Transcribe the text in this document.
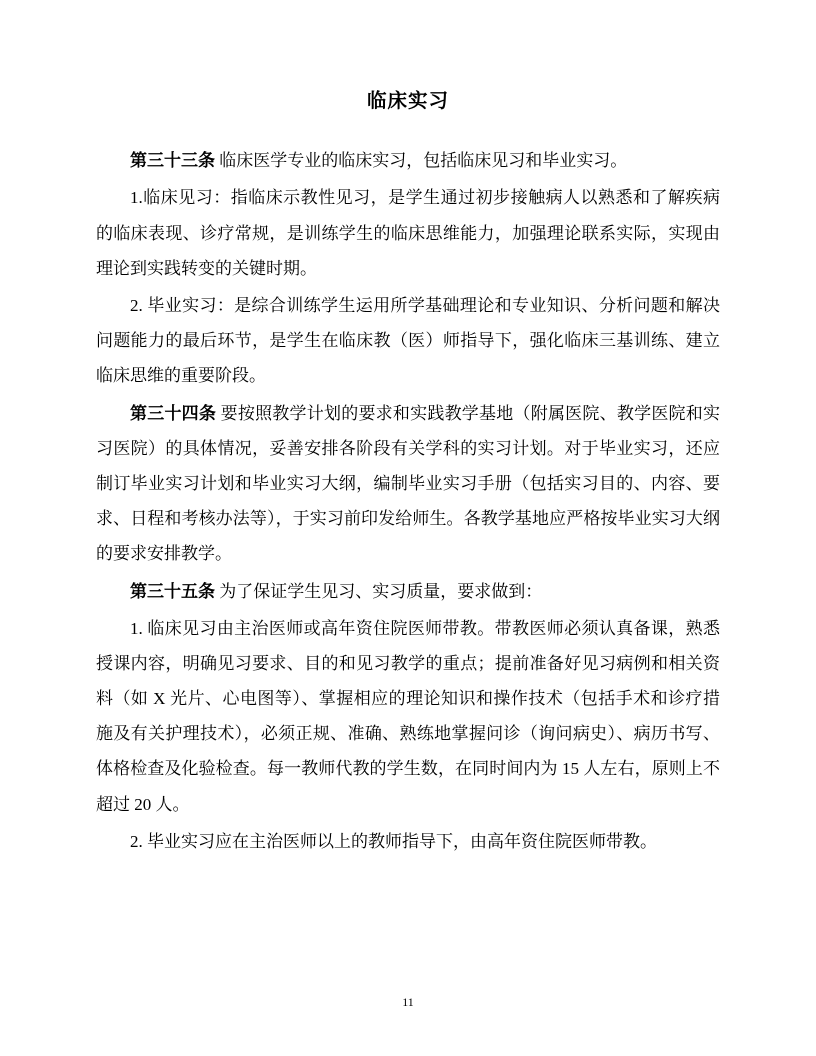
临床实习

第三十三条 临床医学专业的临床实习，包括临床见习和毕业实习。

1.临床见习：指临床示教性见习，是学生通过初步接触病人以熟悉和了解疾病的临床表现、诊疗常规，是训练学生的临床思维能力，加强理论联系实际，实现由理论到实践转变的关键时期。

2. 毕业实习：是综合训练学生运用所学基础理论和专业知识、分析问题和解决问题能力的最后环节，是学生在临床教（医）师指导下，强化临床三基训练、建立临床思维的重要阶段。

第三十四条 要按照教学计划的要求和实践教学基地（附属医院、教学医院和实习医院）的具体情况，妥善安排各阶段有关学科的实习计划。对于毕业实习，还应制订毕业实习计划和毕业实习大纲，编制毕业实习手册（包括实习目的、内容、要求、日程和考核办法等），于实习前印发给师生。各教学基地应严格按毕业实习大纲的要求安排教学。

第三十五条 为了保证学生见习、实习质量，要求做到：

1. 临床见习由主治医师或高年资住院医师带教。带教医师必须认真备课，熟悉授课内容，明确见习要求、目的和见习教学的重点；提前准备好见习病例和相关资料（如 X 光片、心电图等）、掌握相应的理论知识和操作技术（包括手术和诊疗措施及有关护理技术），必须正规、准确、熟练地掌握问诊（询问病史）、病历书写、体格检查及化验检查。每一教师代教的学生数，在同时间内为 15 人左右，原则上不超过 20 人。

2. 毕业实习应在主治医师以上的教师指导下，由高年资住院医师带教。

11
